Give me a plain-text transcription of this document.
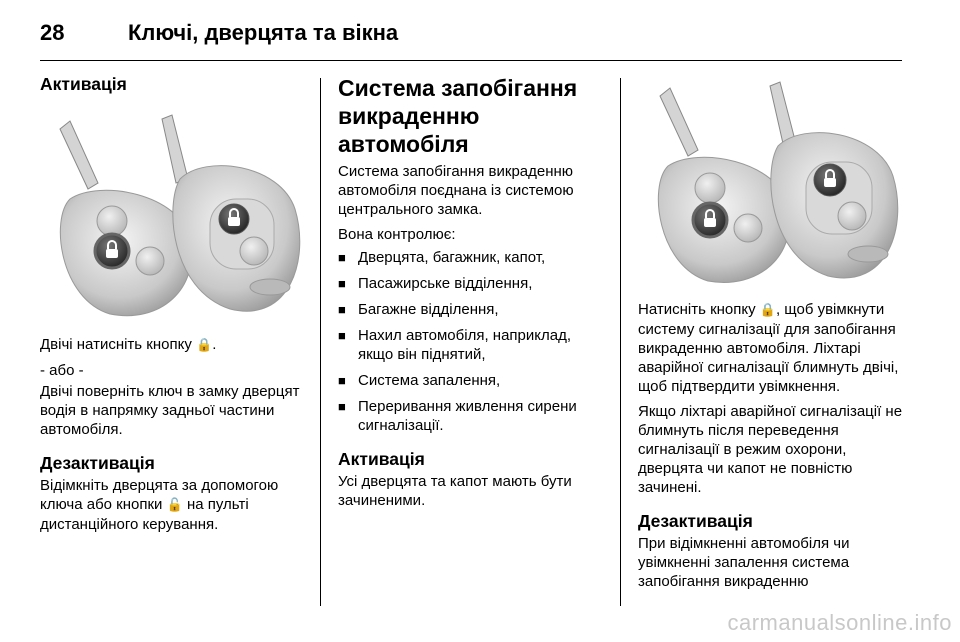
28	Ключі, дверцята та вікна
Активація

Двічі натисніть кнопку 🔒.

- або -

Двічі поверніть ключ в замку дверцят водія в напрямку задньої частини автомобіля.

Дезактивація

Відімкніть дверцята за допомогою ключа або кнопки 🔓 на пульті дистанційного керування.

Система запобігання викраденню автомобіля

Система запобігання викраденню автомобіля поєднана із системою центрального замка.

Вона контролює:

■ Дверцята, багажник, капот,
■ Пасажирське відділення,
■ Багажне відділення,
■ Нахил автомобіля, наприклад, якщо він піднятий,
■ Система запалення,
■ Переривання живлення сирени сигналізації.
Активація

Усі дверцята та капот мають бути зачиненими.

Натисніть кнопку 🔒, щоб увімкнути систему сигналізації для запобігання викраденню автомобіля. Ліхтарі аварійної сигналізації блимнуть двічі, щоб підтвердити увімкнення.

Якщо ліхтарі аварійної сигналізації не блимнуть після переведення сигналізації в режим охорони, дверцята чи капот не повністю зачинені.

Дезактивація

При відімкненні автомобіля чи увімкненні запалення система запобігання викраденню

carmanualsonline.info
